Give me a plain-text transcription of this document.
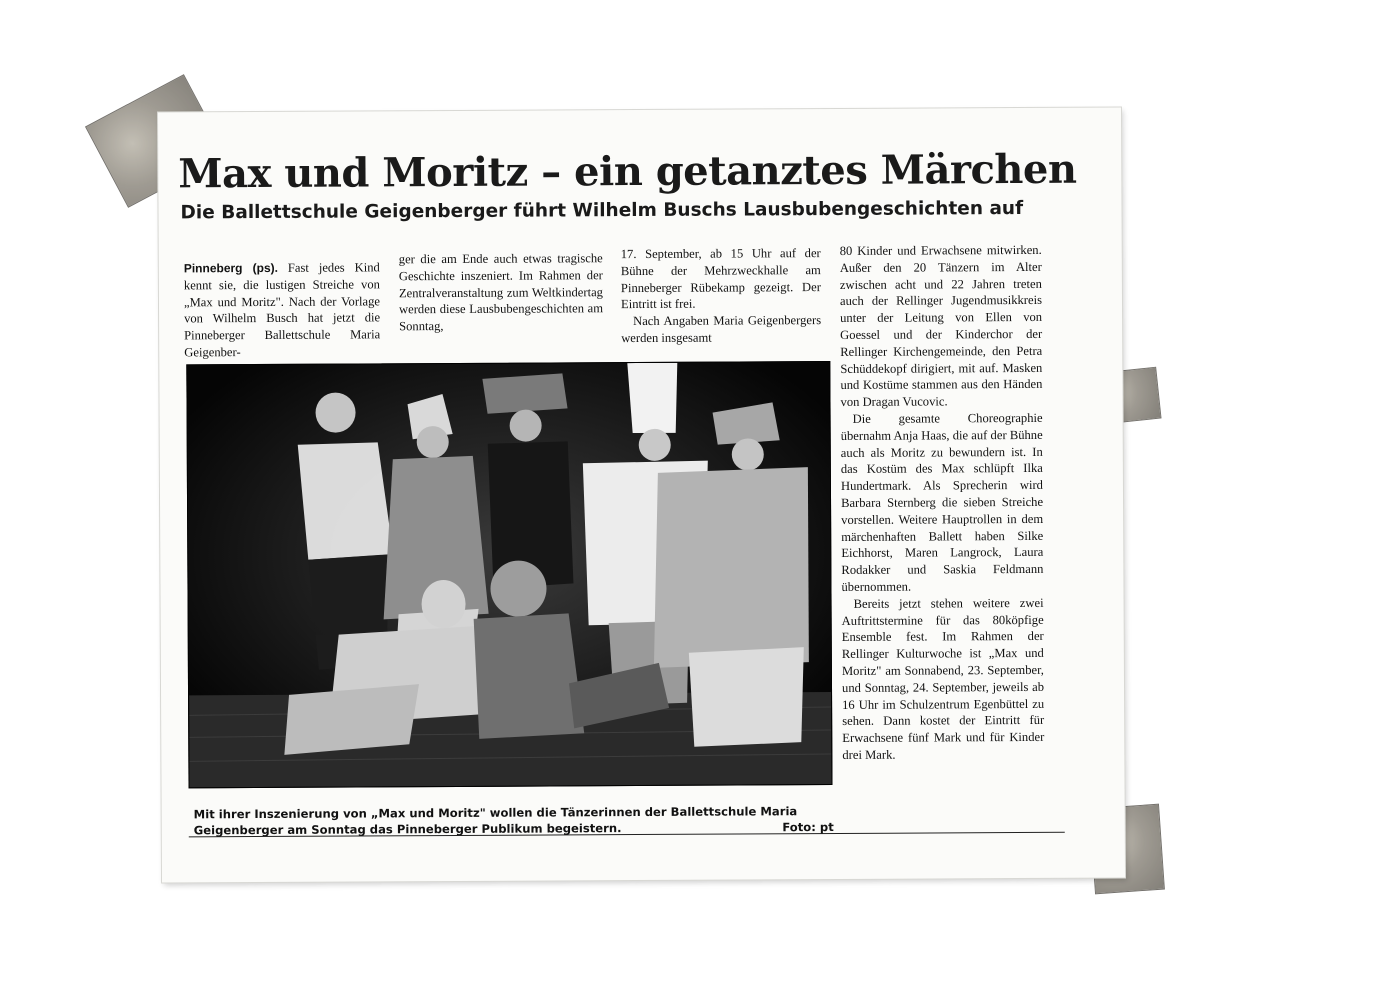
Max und Moritz – ein getanztes Märchen
Die Ballettschule Geigenberger führt Wilhelm Buschs Lausbubengeschichten auf

Pinneberg (ps). Fast jedes Kind kennt sie, die lustigen Streiche von „Max und Moritz". Nach der Vorlage von Wilhelm Busch hat jetzt die Pinneberger Ballettschule Maria Geigenber-

ger die am Ende auch etwas tragische Geschichte inszeniert. Im Rahmen der Zentralveranstaltung zum Weltkindertag werden diese Lausbubengeschichten am Sonntag,

17. September, ab 15 Uhr auf der Bühne der Mehrzweckhalle am Pinneberger Rübekamp gezeigt. Der Eintritt ist frei.

Nach Angaben Maria Geigenbergers werden insgesamt

80 Kinder und Erwachsene mitwirken. Außer den 20 Tänzern im Alter zwischen acht und 22 Jahren treten auch der Rellinger Jugendmusikkreis unter der Leitung von Ellen von Goessel und der Kinderchor der Rellinger Kirchengemeinde, den Petra Schüddekopf dirigiert, mit auf. Masken und Kostüme stammen aus den Händen von Dragan Vucovic.

Die gesamte Choreographie übernahm Anja Haas, die auf der Bühne auch als Moritz zu bewundern ist. In das Kostüm des Max schlüpft Ilka Hundertmark. Als Sprecherin wird Barbara Sternberg die sieben Streiche vorstellen. Weitere Hauptrollen in dem märchenhaften Ballett haben Silke Eichhorst, Maren Langrock, Laura Rodakker und Saskia Feldmann übernommen.

Bereits jetzt stehen weitere zwei Auftrittstermine für das 80köpfige Ensemble fest. Im Rahmen der Rellinger Kulturwoche ist „Max und Moritz" am Sonnabend, 23. September, und Sonntag, 24. September, jeweils ab 16 Uhr im Schulzentrum Egenbüttel zu sehen. Dann kostet der Eintritt für Erwachsene fünf Mark und für Kinder drei Mark.

Mit ihrer Inszenierung von „Max und Moritz" wollen die Tänzerinnen der Ballettschule Maria Geigenberger am Sonntag das Pinneberger Publikum begeistern.	Foto: pt
